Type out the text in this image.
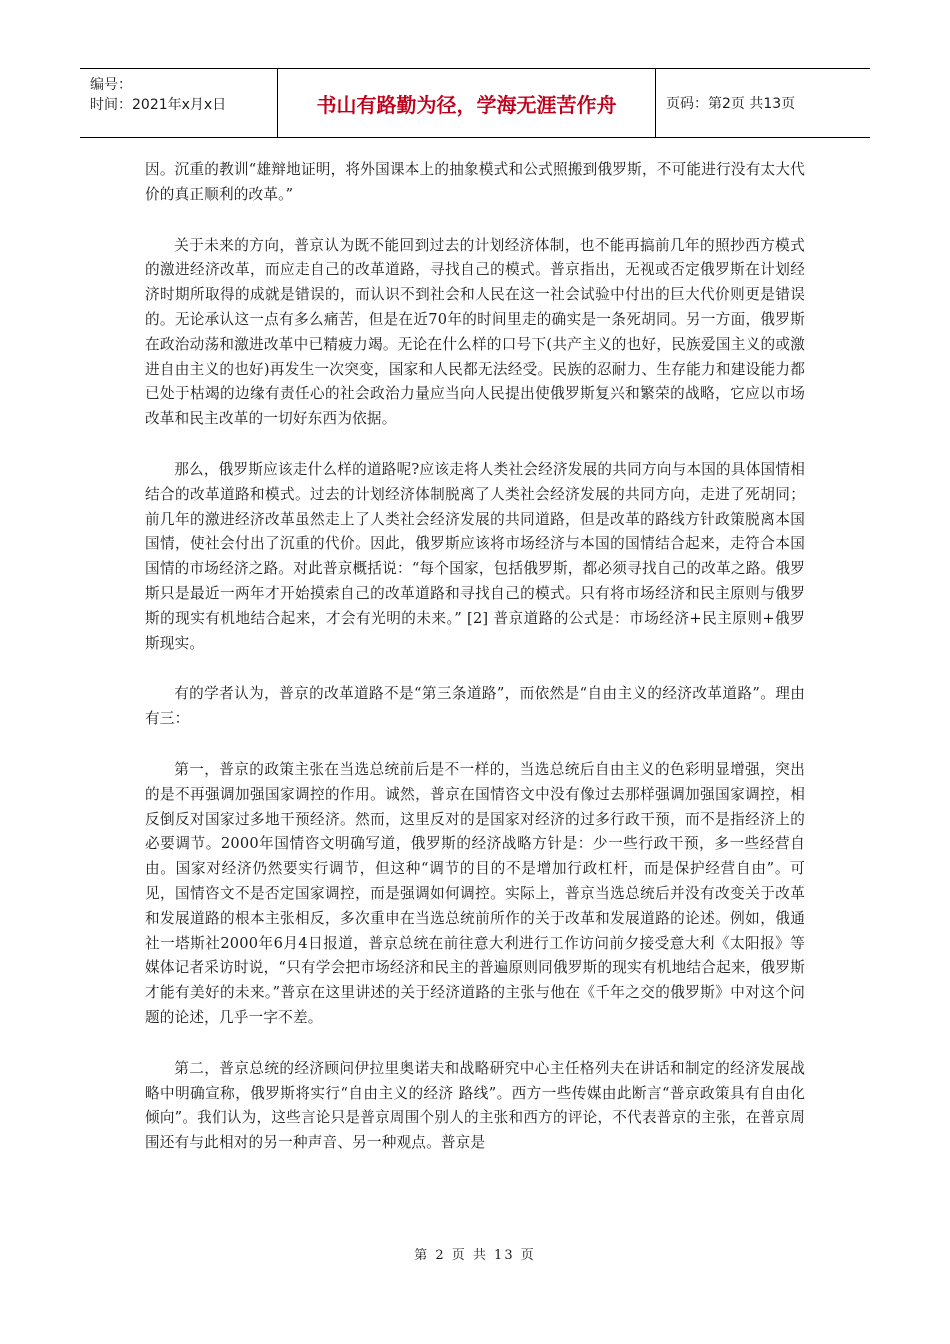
编号：
时间：2021年x月x日	书山有路勤为径，学海无涯苦作舟	页码：第2页 共13页

因。沉重的教训“雄辩地证明，将外国课本上的抽象模式和公式照搬到俄罗斯，不可能进行没有太大代价的真正顺利的改革。”

关于未来的方向，普京认为既不能回到过去的计划经济体制，也不能再搞前几年的照抄西方模式的激进经济改革，而应走自己的改革道路，寻找自己的模式。普京指出，无视或否定俄罗斯在计划经济时期所取得的成就是错误的，而认识不到社会和人民在这一社会试验中付出的巨大代价则更是错误的。无论承认这一点有多么痛苦，但是在近70年的时间里走的确实是一条死胡同。另一方面，俄罗斯在政治动荡和激进改革中已精疲力竭。无论在什么样的口号下(共产主义的也好，民族爱国主义的或激进自由主义的也好)再发生一次突变，国家和人民都无法经受。民族的忍耐力、生存能力和建设能力都已处于枯竭的边缘有责任心的社会政治力量应当向人民提出使俄罗斯复兴和繁荣的战略，它应以市场改革和民主改革的一切好东西为依据。

那么，俄罗斯应该走什么样的道路呢?应该走将人类社会经济发展的共同方向与本国的具体国情相结合的改革道路和模式。过去的计划经济体制脱离了人类社会经济发展的共同方向，走进了死胡同；前几年的激进经济改革虽然走上了人类社会经济发展的共同道路，但是改革的路线方针政策脱离本国国情，使社会付出了沉重的代价。因此，俄罗斯应该将市场经济与本国的国情结合起来，走符合本国国情的市场经济之路。对此普京概括说：“每个国家，包括俄罗斯，都必须寻找自己的改革之路。俄罗斯只是最近一两年才开始摸索自己的改革道路和寻找自己的模式。只有将市场经济和民主原则与俄罗斯的现实有机地结合起来，才会有光明的未来。” [2] 普京道路的公式是：市场经济+民主原则+俄罗斯现实。

有的学者认为，普京的改革道路不是“第三条道路”，而依然是“自由主义的经济改革道路”。理由有三：

第一，普京的政策主张在当选总统前后是不一样的，当选总统后自由主义的色彩明显增强，突出的是不再强调加强国家调控的作用。诚然，普京在国情咨文中没有像过去那样强调加强国家调控，相反倒反对国家过多地干预经济。然而，这里反对的是国家对经济的过多行政干预，而不是指经济上的必要调节。2000年国情咨文明确写道，俄罗斯的经济战略方针是：少一些行政干预，多一些经营自由。国家对经济仍然要实行调节，但这种“调节的目的不是增加行政杠杆，而是保护经营自由”。可见，国情咨文不是否定国家调控，而是强调如何调控。实际上，普京当选总统后并没有改变关于改革和发展道路的根本主张相反，多次重申在当选总统前所作的关于改革和发展道路的论述。例如，俄通社一塔斯社2000年6月4日报道，普京总统在前往意大利进行工作访问前夕接受意大利《太阳报》等媒体记者采访时说，“只有学会把市场经济和民主的普遍原则同俄罗斯的现实有机地结合起来，俄罗斯才能有美好的未来。”普京在这里讲述的关于经济道路的主张与他在《千年之交的俄罗斯》中对这个问题的论述，几乎一字不差。

第二，普京总统的经济顾问伊拉里奥诺夫和战略研究中心主任格列夫在讲话和制定的经济发展战略中明确宣称，俄罗斯将实行“自由主义的经济 路线”。西方一些传媒由此断言“普京政策具有自由化倾向”。我们认为，这些言论只是普京周围个别人的主张和西方的评论，不代表普京的主张，在普京周围还有与此相对的另一种声音、另一种观点。普京是

第 2 页 共 13 页
